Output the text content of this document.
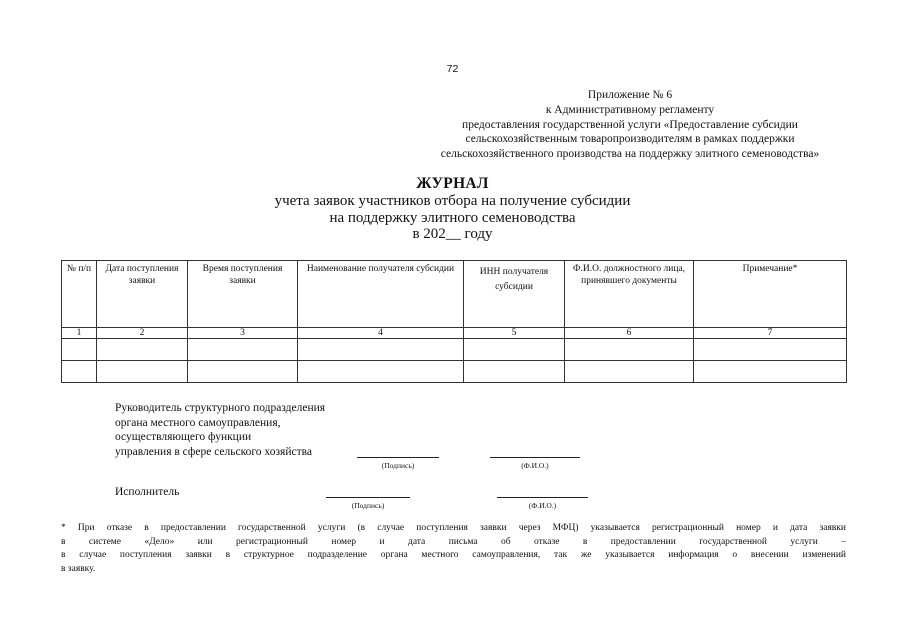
72
Приложение № 6
к Административному регламенту
предоставления государственной услуги «Предоставление субсидии
сельскохозяйственным товаропроизводителям в рамках поддержки
сельскохозяйственного производства на поддержку элитного семеноводства»
ЖУРНАЛ
учета заявок участников отбора на получение субсидии
на поддержку элитного семеноводства
в 202__ году
№ п/п	Дата поступления заявки	Время поступления заявки	Наименование получателя субсидии	ИНН получателя субсидии	Ф.И.О. должностного лица, принявшего документы	Примечание*
1	2	3	4	5	6	7

Руководитель структурного подразделения
органа местного самоуправления,
осуществляющего функции
управления в сфере сельского хозяйства
(Подпись)	(Ф.И.О.)
Исполнитель
(Подпись)	(Ф.И.О.)
* При отказе в предоставлении государственной услуги (в случае поступления заявки через МФЦ) указывается регистрационный номер и дата заявки
в системе «Дело» или регистрационный номер и дата письма об отказе в предоставлении государственной услуги –
в случае поступления заявки в структурное подразделение органа местного самоуправления, так же указывается информация о внесении изменений
в заявку.
